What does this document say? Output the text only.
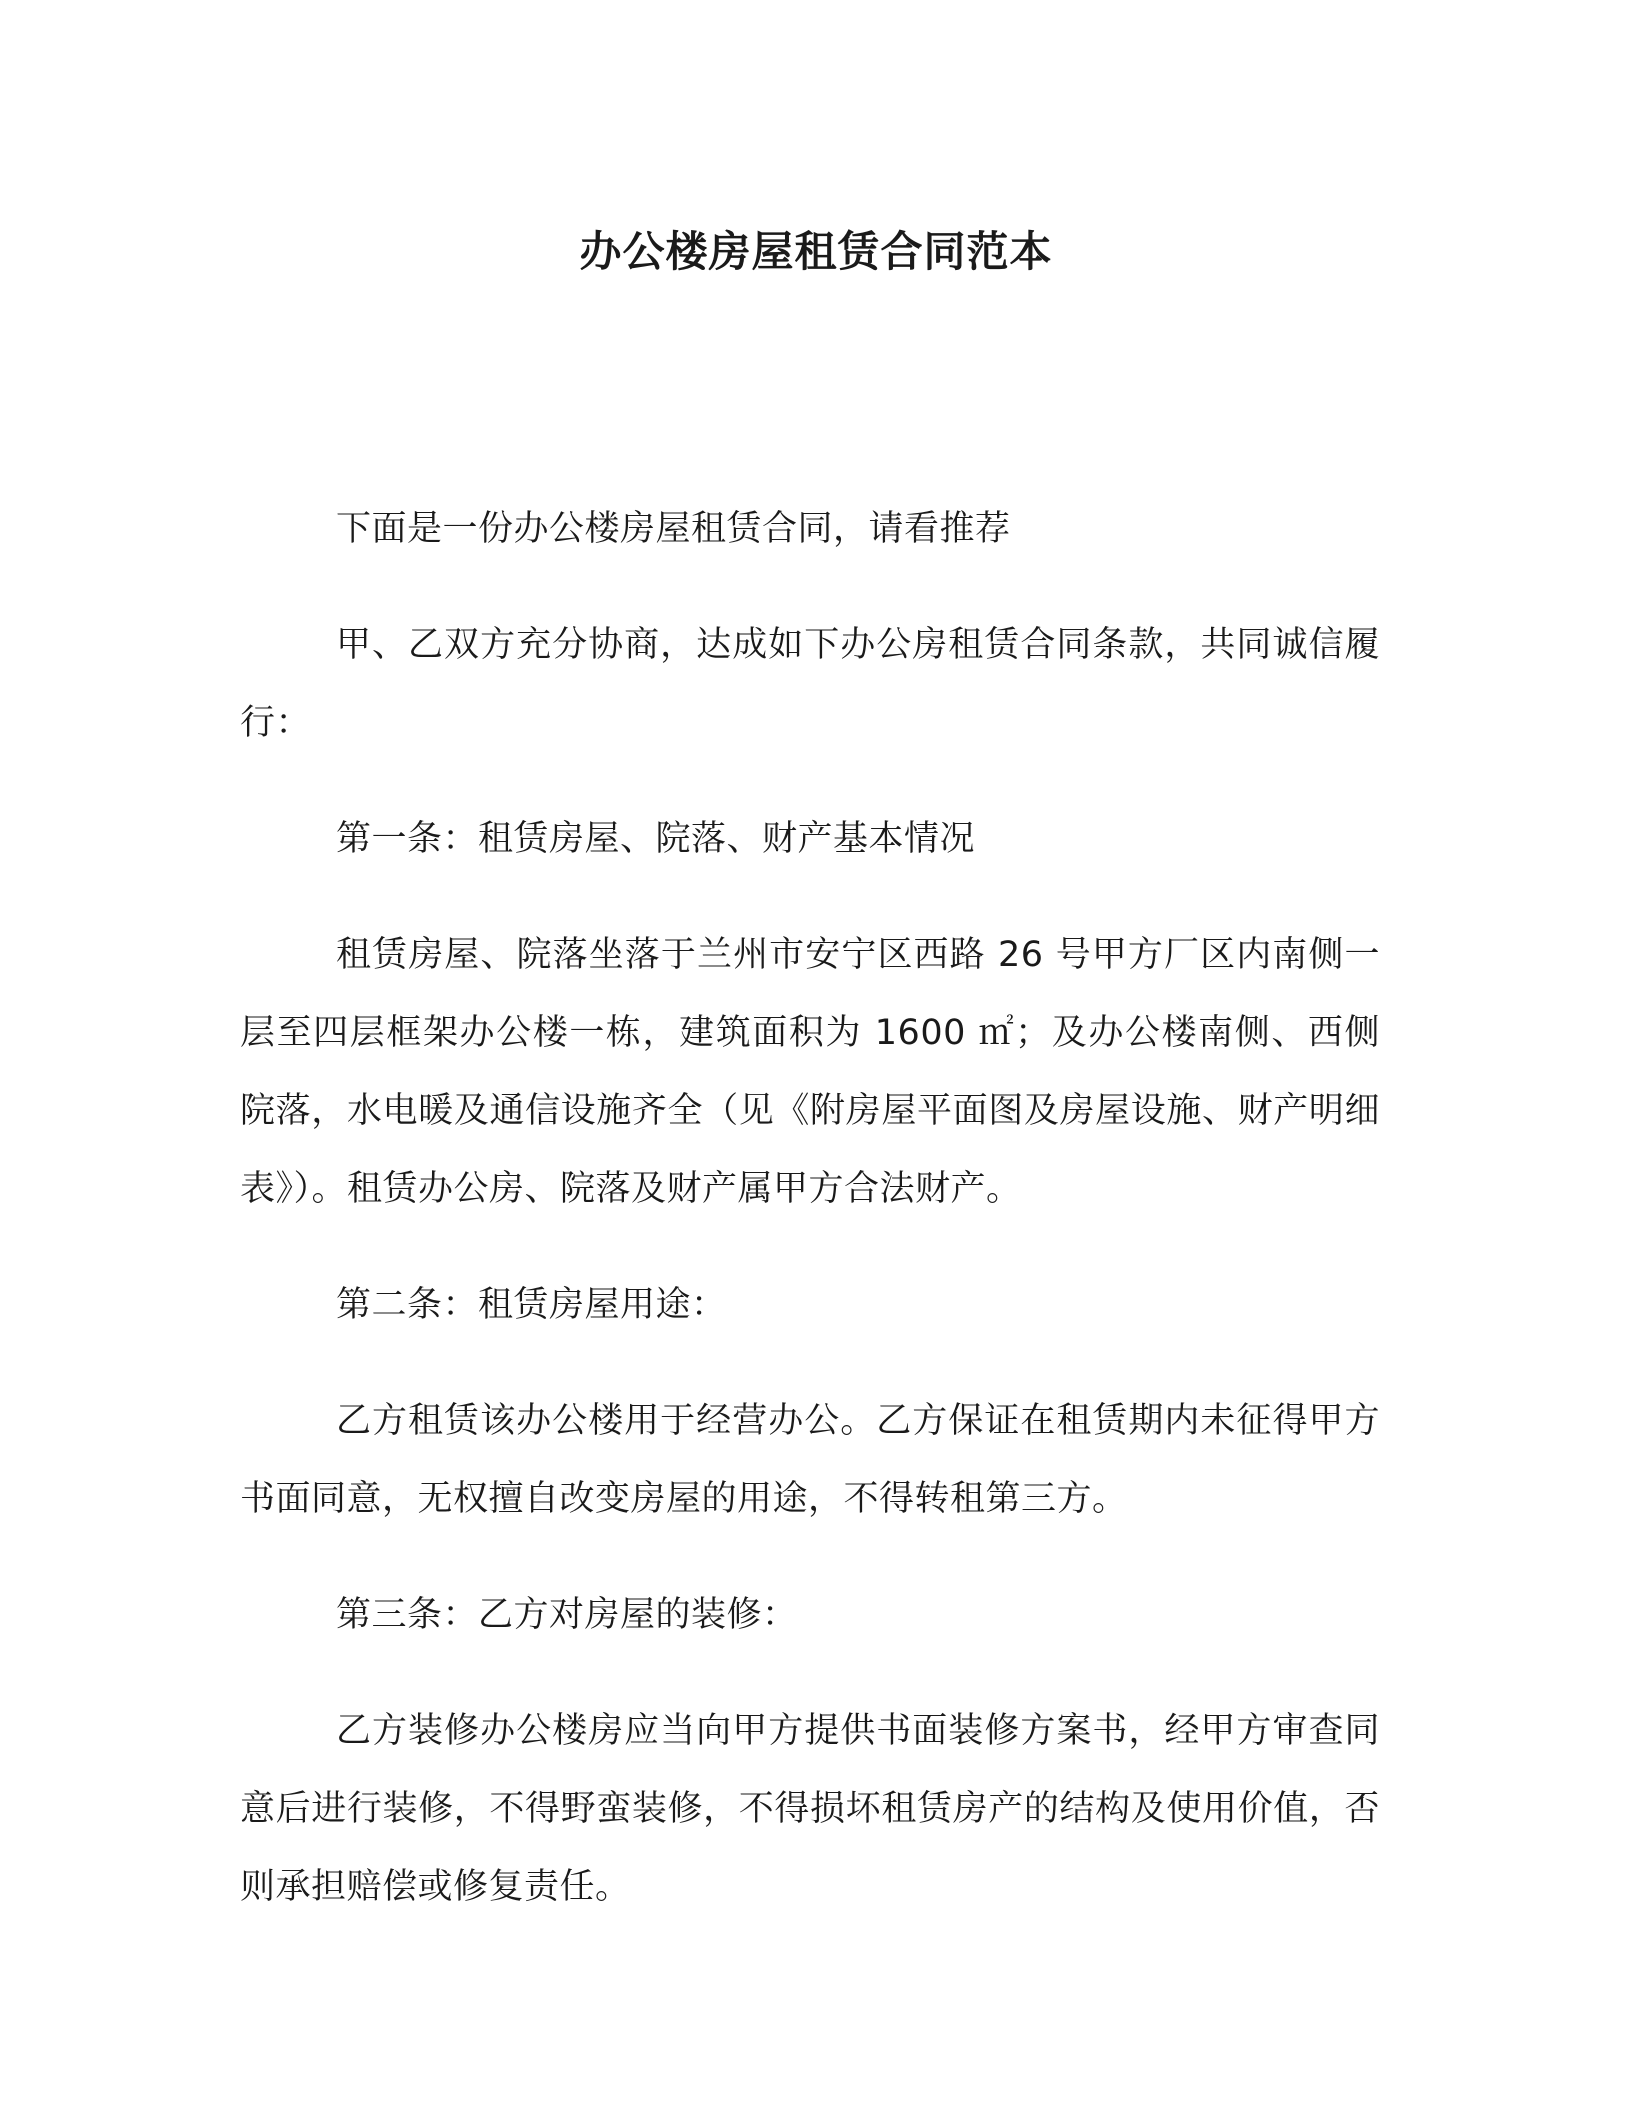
办公楼房屋租赁合同范本

下面是一份办公楼房屋租赁合同，请看推荐

甲、乙双方充分协商，达成如下办公房租赁合同条款，共同诚信履行：

第一条：租赁房屋、院落、财产基本情况

租赁房屋、院落坐落于兰州市安宁区西路 26 号甲方厂区内南侧一层至四层框架办公楼一栋，建筑面积为 1600 ㎡；及办公楼南侧、西侧院落，水电暖及通信设施齐全（见《附房屋平面图及房屋设施、财产明细表》）。租赁办公房、院落及财产属甲方合法财产。

第二条：租赁房屋用途：

乙方租赁该办公楼用于经营办公。乙方保证在租赁期内未征得甲方书面同意，无权擅自改变房屋的用途，不得转租第三方。

第三条：乙方对房屋的装修：

乙方装修办公楼房应当向甲方提供书面装修方案书，经甲方审查同意后进行装修，不得野蛮装修，不得损坏租赁房产的结构及使用价值，否则承担赔偿或修复责任。
